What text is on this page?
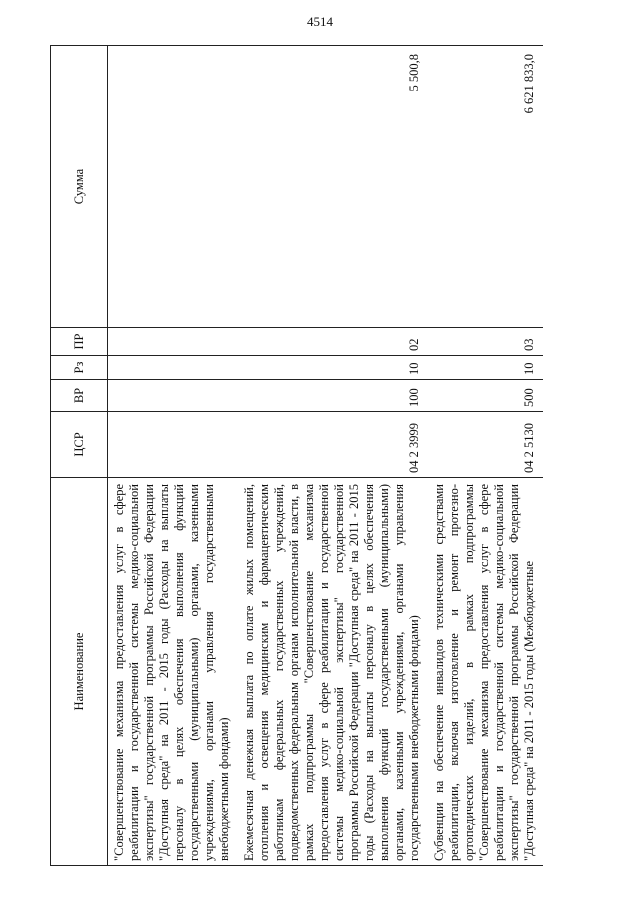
4514
Наименование	ЦСР	ВР	Рз	ПР	Сумма
"Совершенствование механизма предоставления услуг в сфере реабилитации и государственной системы медико-социальной экспертизы" государственной программы Российской Федерации "Доступная среда" на 2011 - 2015 годы (Расходы на выплаты персоналу в целях обеспечения выполнения функций государственными (муниципальными) органами, казенными учреждениями, органами управления государственными внебюджетными фондами)					
Ежемесячная денежная выплата по оплате жилых помещений, отопления и освещения медицинским и фармацевтическим работникам федеральных государственных учреждений, подведомственных федеральным органам исполнительной власти, в рамках подпрограммы "Совершенствование механизма предоставления услуг в сфере реабилитации и государственной системы медико-социальной экспертизы" государственной программы Российской Федерации "Доступная среда" на 2011 - 2015 годы (Расходы на выплаты персоналу в целях обеспечения выполнения функций государственными (муниципальными) органами, казенными учреждениями, органами управления государственными внебюджетными фондами)	04 2 3999	100	10	02	5 500,8
Субвенции на обеспечение инвалидов техническими средствами реабилитации, включая изготовление и ремонт протезно-ортопедических изделий, в рамках подпрограммы "Совершенствование механизма предоставления услуг в сфере реабилитации и государственной системы медико-социальной экспертизы" государственной программы Российской Федерации "Доступная среда" на 2011 - 2015 годы (Межбюджетные	04 2 5130	500	10	03	6 621 833,0
